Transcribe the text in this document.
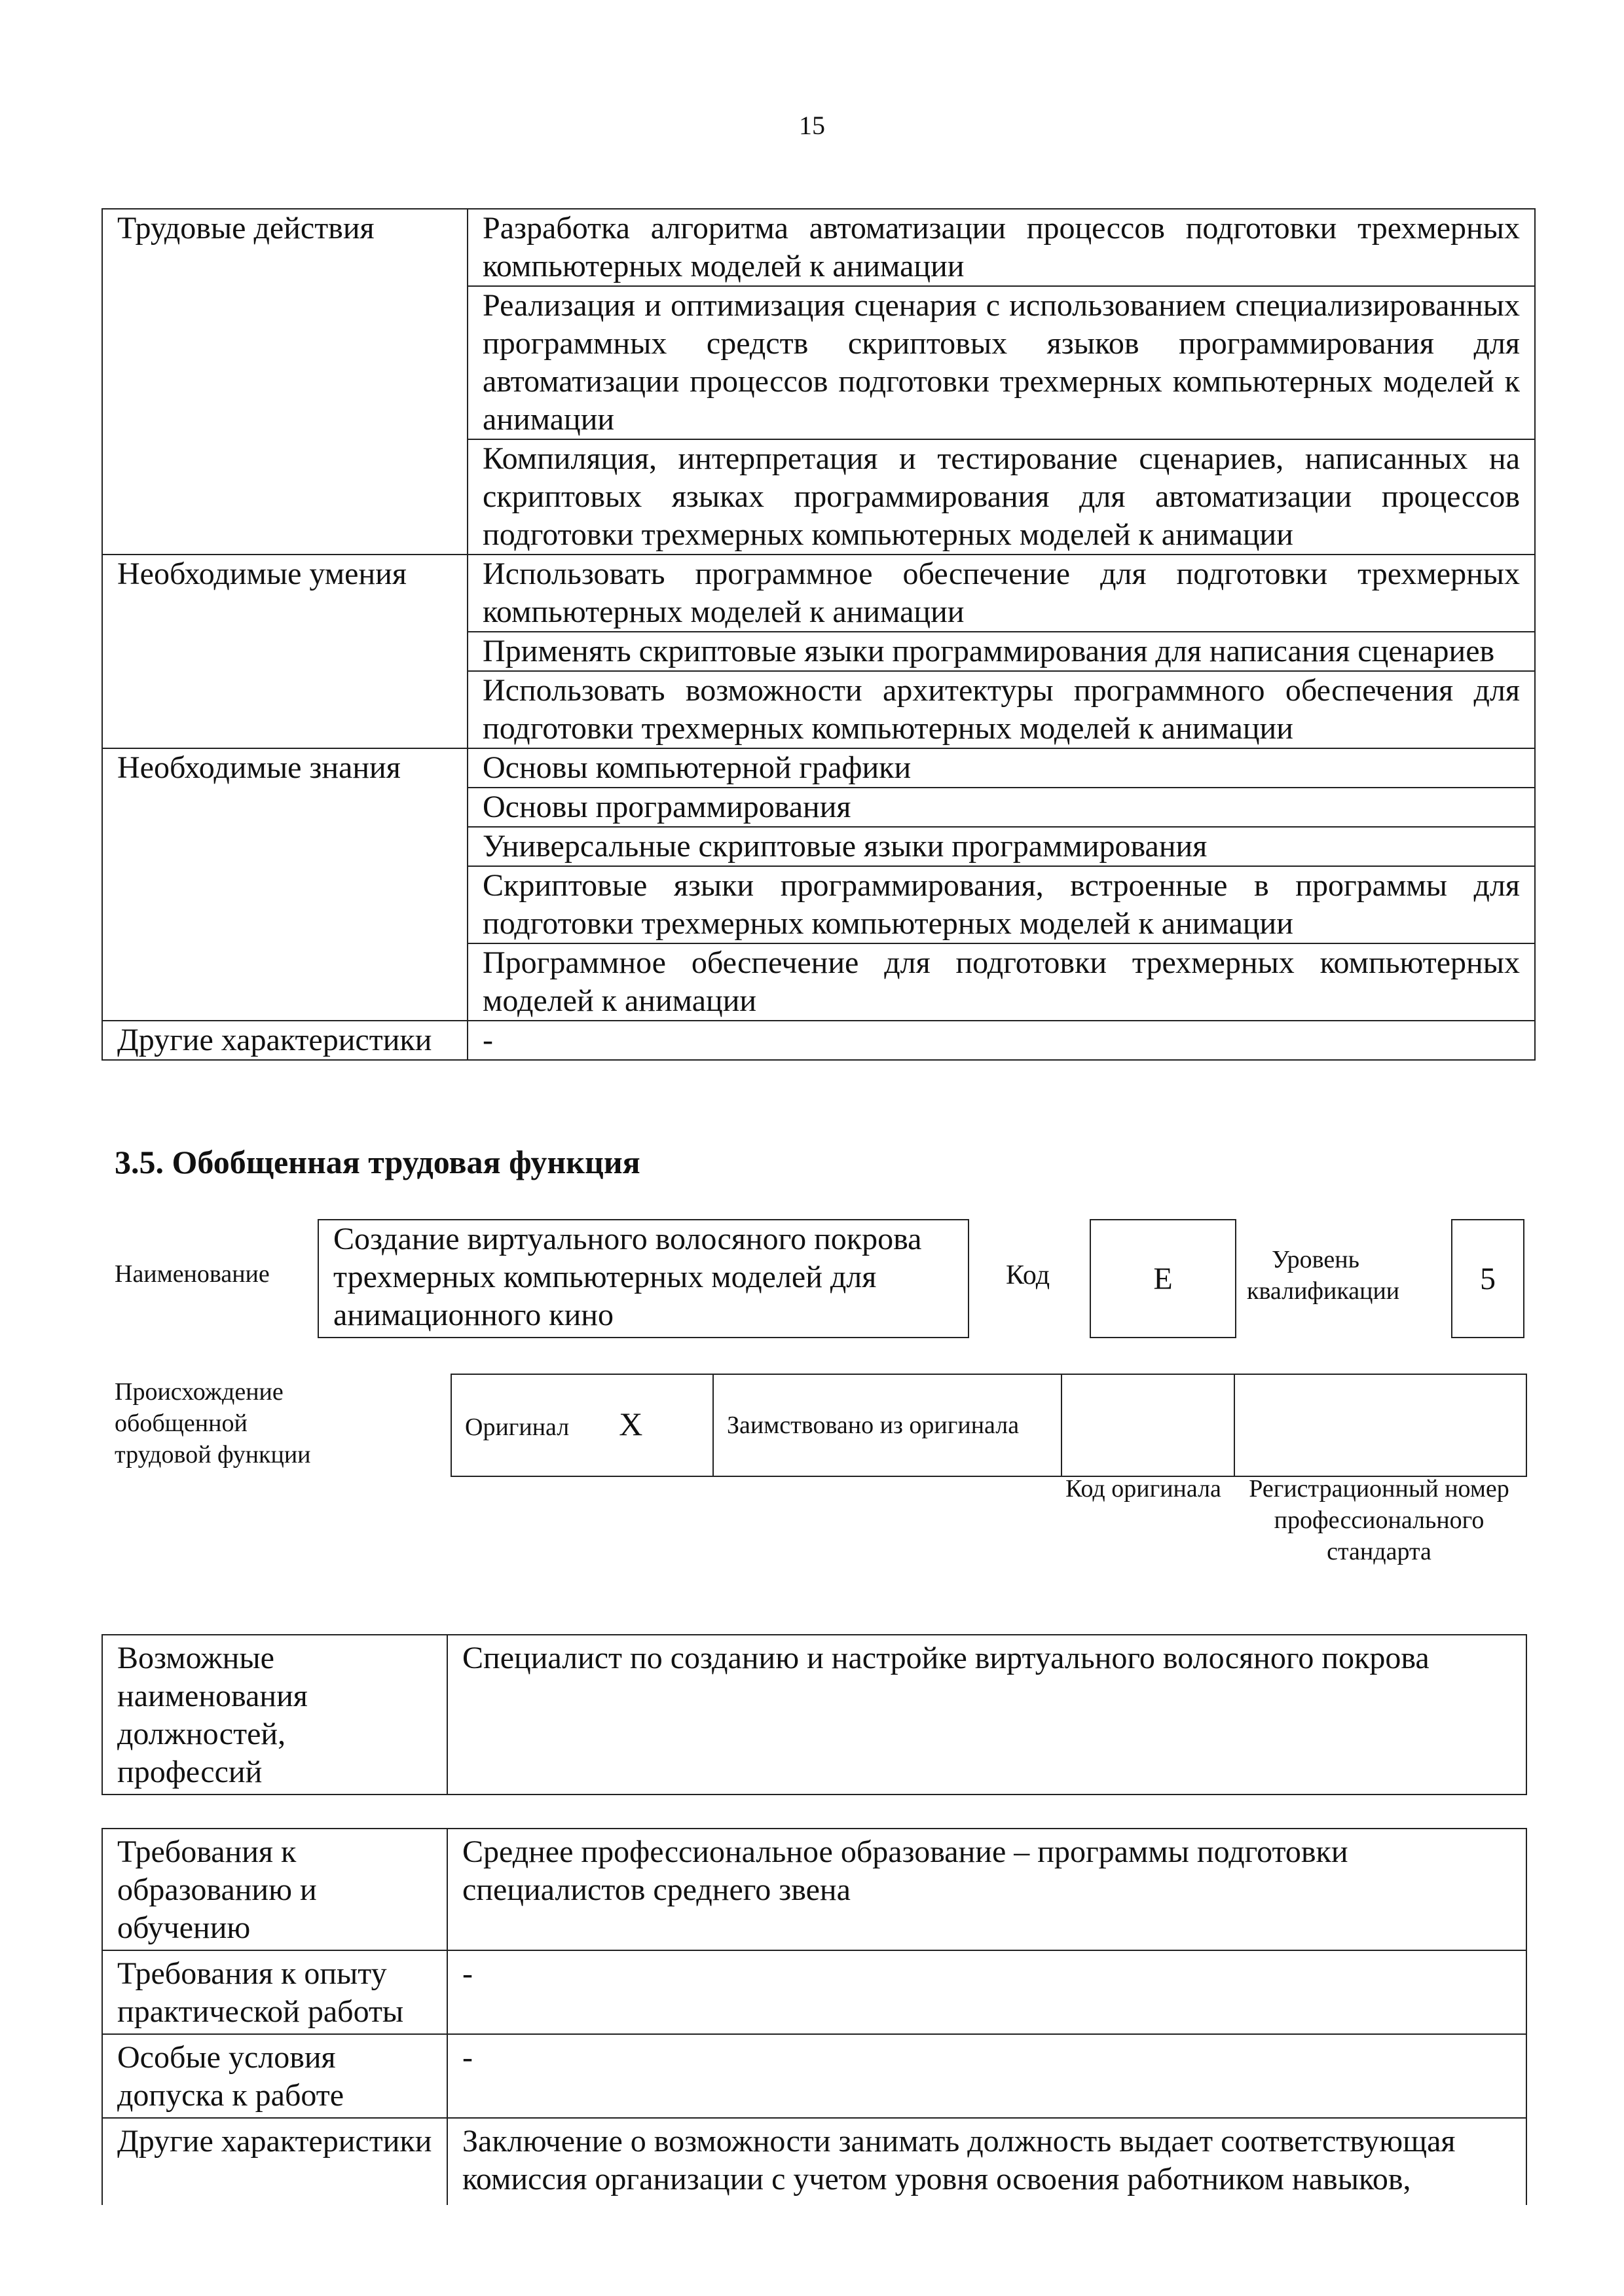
15
Трудовые действия	Разработка алгоритма автоматизации процессов подготовки трехмерных компьютерных моделей к анимации
	Реализация и оптимизация сценария с использованием специализированных программных средств скриптовых языков программирования для автоматизации процессов подготовки трехмерных компьютерных моделей к анимации
	Компиляция, интерпретация и тестирование сценариев, написанных на скриптовых языках программирования для автоматизации процессов подготовки трехмерных компьютерных моделей к анимации
Необходимые умения	Использовать программное обеспечение для подготовки трехмерных компьютерных моделей к анимации
	Применять скриптовые языки программирования для написания сценариев
	Использовать возможности архитектуры программного обеспечения для подготовки трехмерных компьютерных моделей к анимации
Необходимые знания	Основы компьютерной графики
	Основы программирования
	Универсальные скриптовые языки программирования
	Скриптовые языки программирования, встроенные в программы для подготовки трехмерных компьютерных моделей к анимации
	Программное обеспечение для подготовки трехмерных компьютерных моделей к анимации
Другие характеристики	-
3.5. Обобщенная трудовая функция
Наименование
Создание виртуального волосяного покрова трехмерных компьютерных моделей для анимационного кино
Код	E
Уровень квалификации	5
Происхождение обобщенной трудовой функции
Оригинал X	Заимствовано из оригинала		
Код оригинала	Регистрационный номер профессионального стандарта
Возможные наименования должностей, профессий	Специалист по созданию и настройке виртуального волосяного покрова
Требования к образованию и обучению	Среднее профессиональное образование – программы подготовки специалистов среднего звена
Требования к опыту практической работы	-
Особые условия допуска к работе	-
Другие характеристики	Заключение о возможности занимать должность выдает соответствующая комиссия организации с учетом уровня освоения работником навыков,
